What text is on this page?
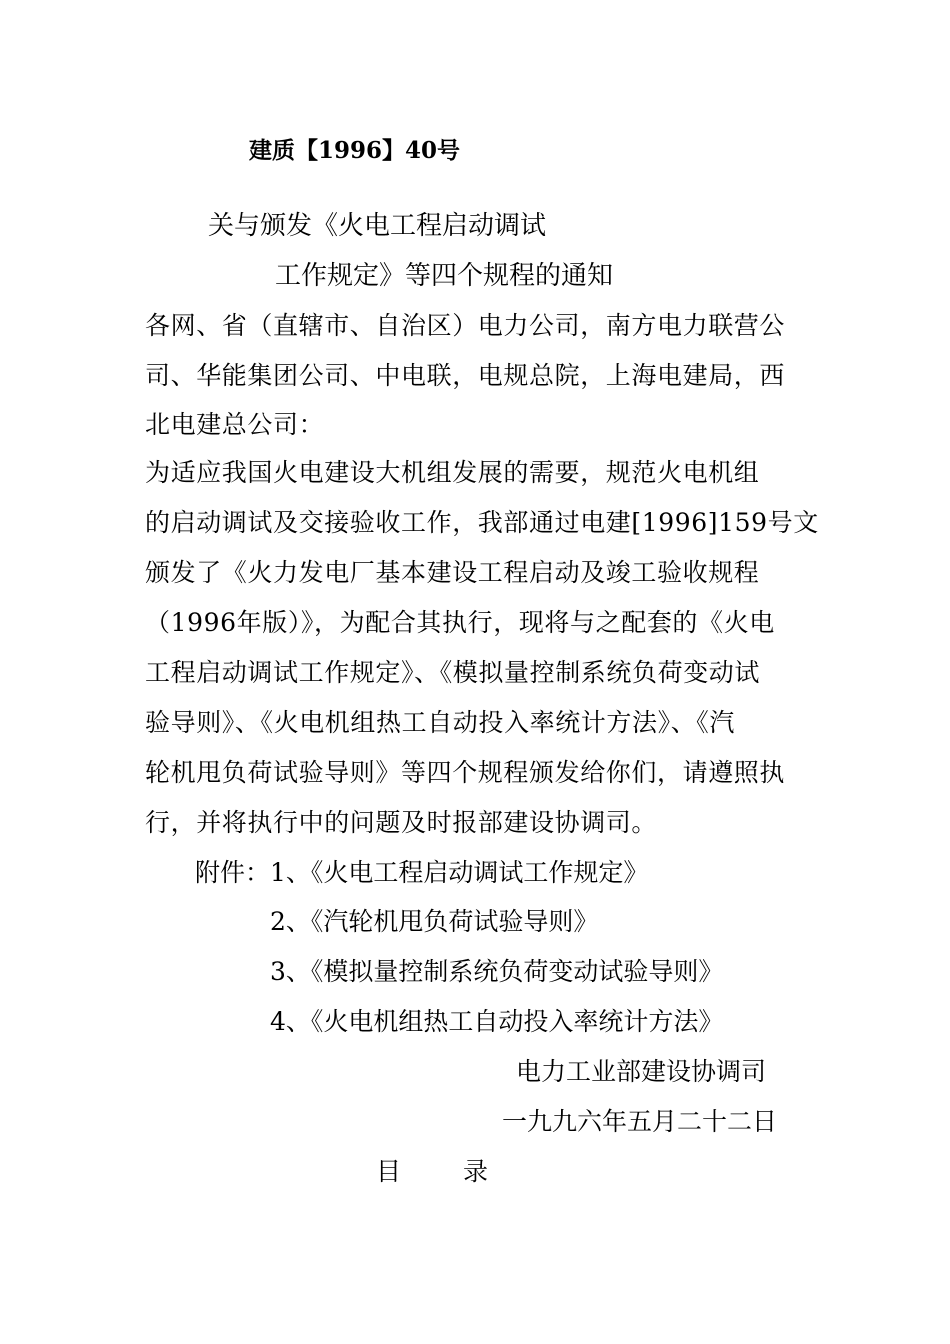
建质【1996】40号
关与颁发《火电工程启动调试
工作规定》等四个规程的通知
各网、省（直辖市、自治区）电力公司，南方电力联营公
司、华能集团公司、中电联，电规总院，上海电建局，西
北电建总公司：
为适应我国火电建设大机组发展的需要，规范火电机组
的启动调试及交接验收工作，我部通过电建[1996]159号文
颁发了《火力发电厂基本建设工程启动及竣工验收规程
（1996年版）》，为配合其执行，现将与之配套的《火电
工程启动调试工作规定》、《模拟量控制系统负荷变动试
验导则》、《火电机组热工自动投入率统计方法》、《汽
轮机甩负荷试验导则》等四个规程颁发给你们，请遵照执
行，并将执行中的问题及时报部建设协调司。
附件： 1、《火电工程启动调试工作规定》
2、《汽轮机甩负荷试验导则》
3、《模拟量控制系统负荷变动试验导则》
4、《火电机组热工自动投入率统计方法》
电力工业部建设协调司
一九九六年五月二十二日
目 录
